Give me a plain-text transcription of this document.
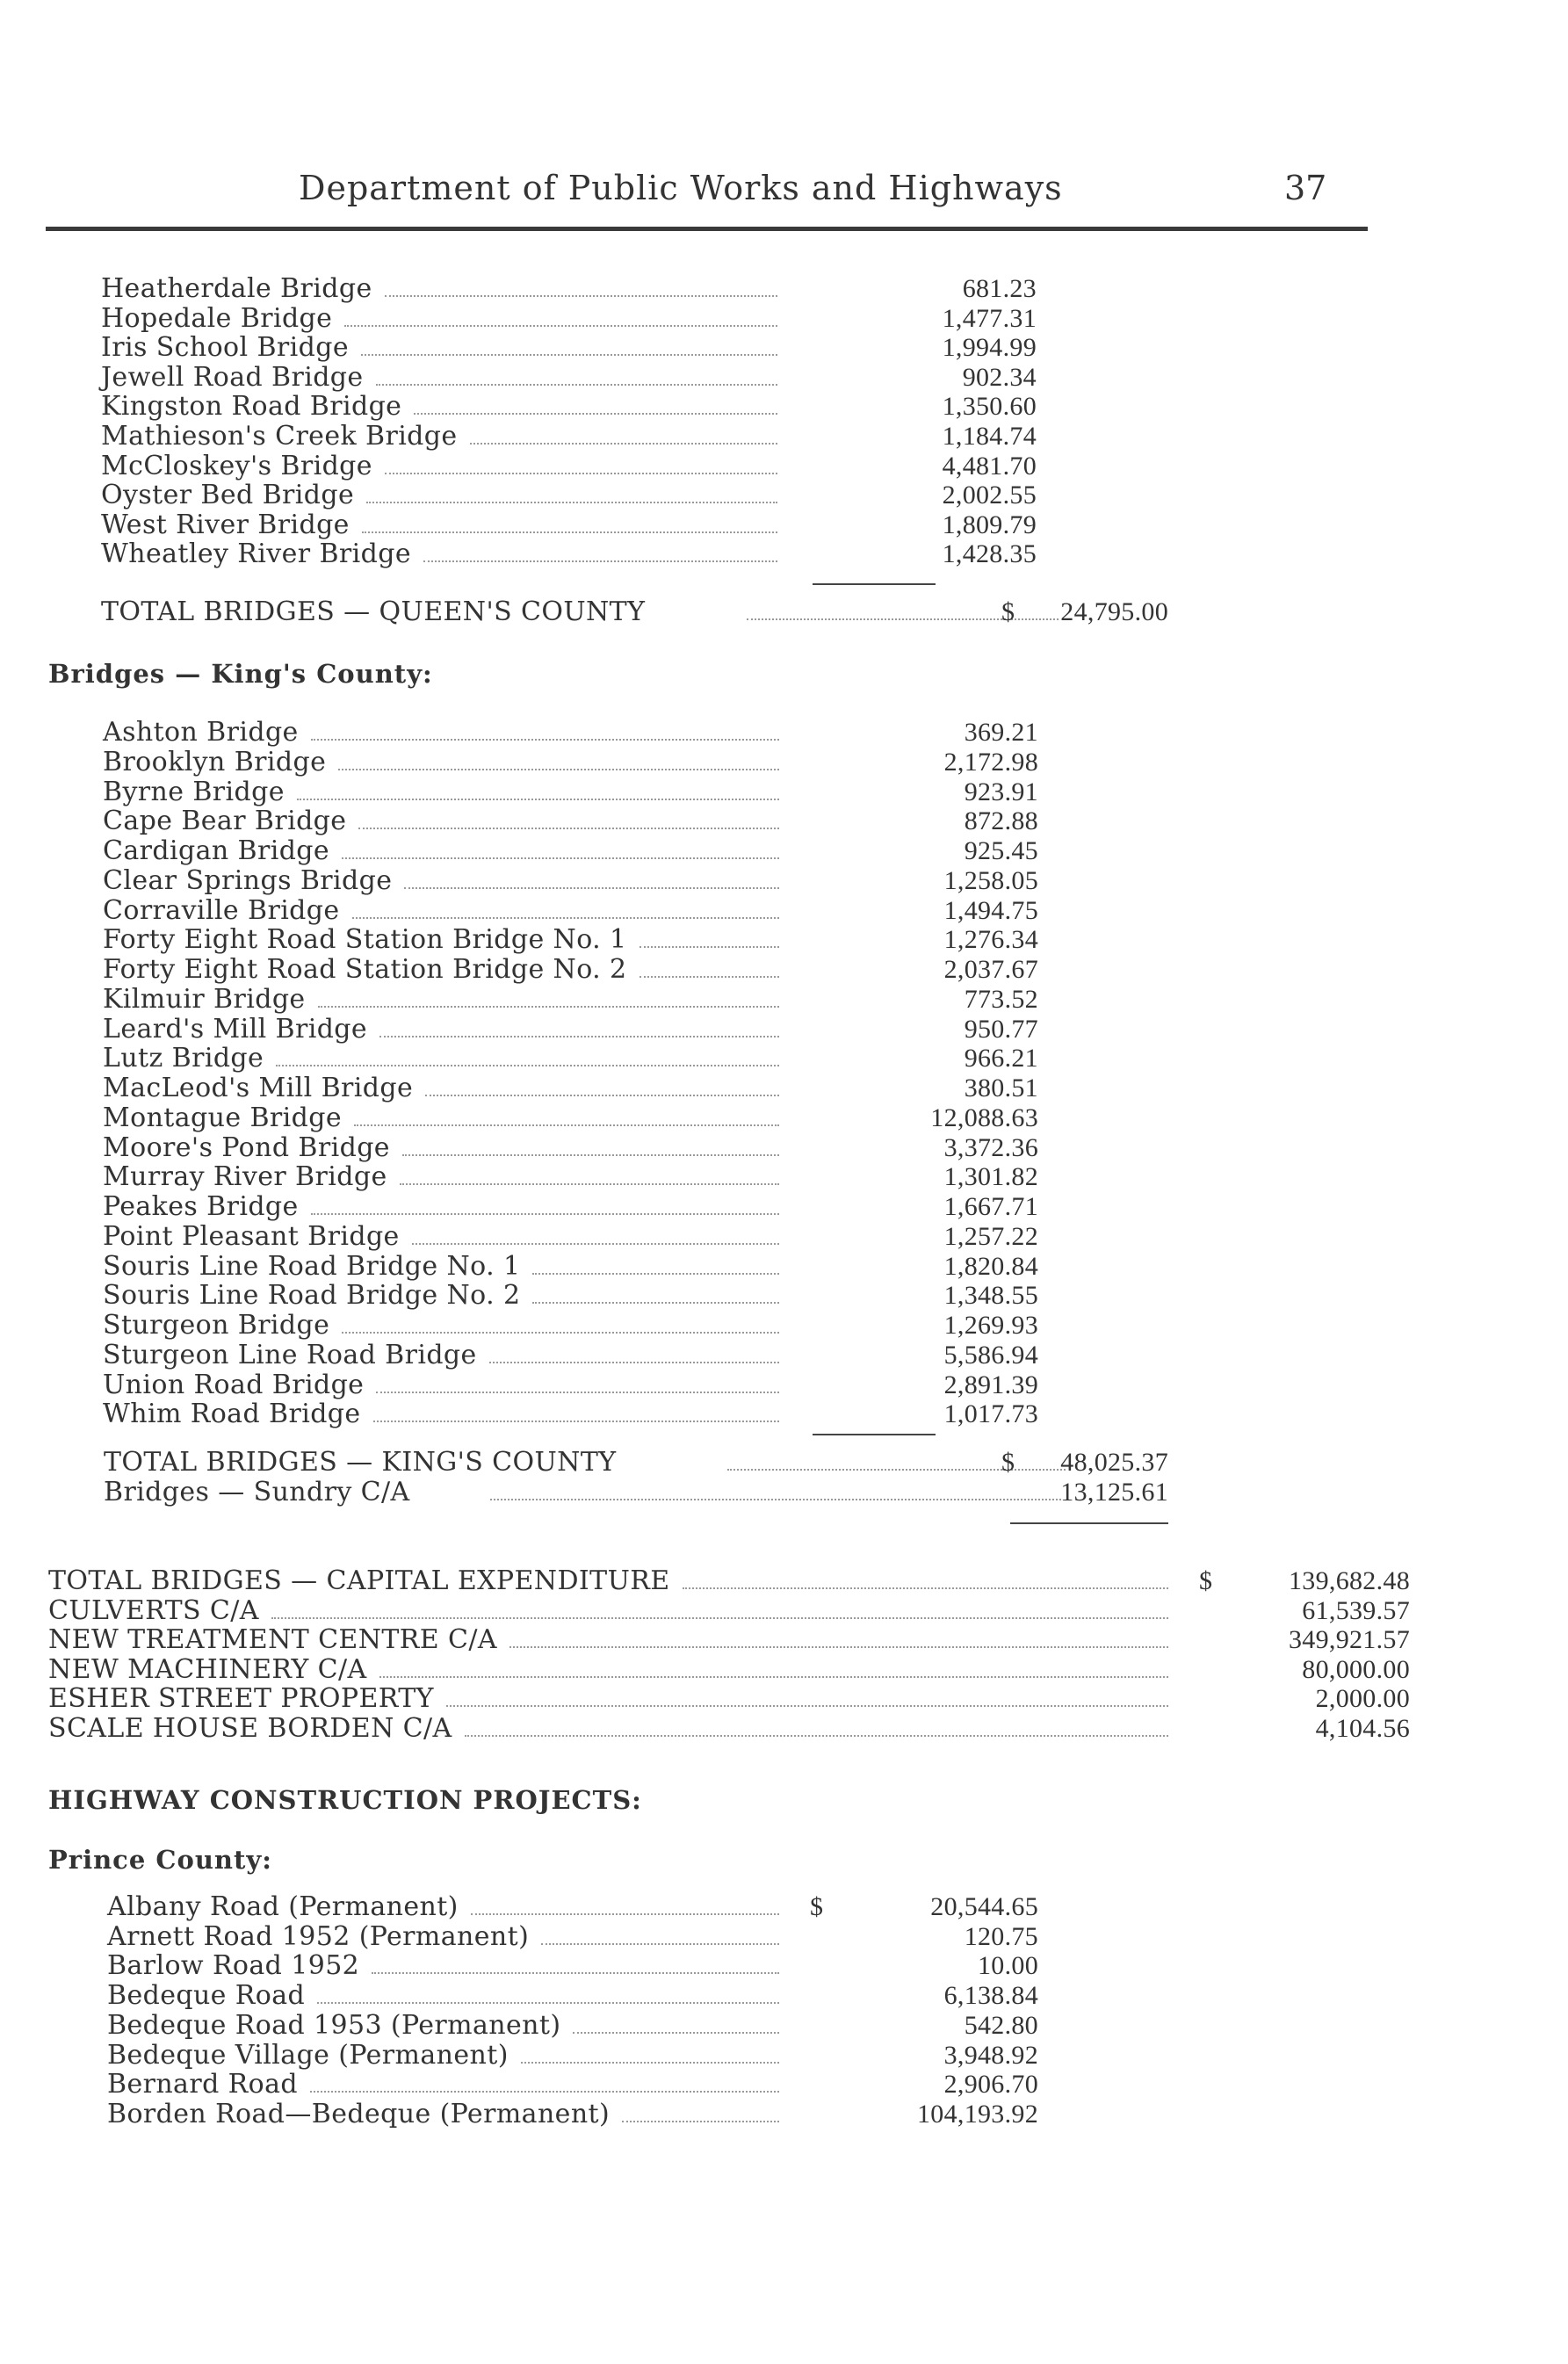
Department of Public Works and Highways	37
Heatherdale Bridge	681.23
Hopedale Bridge	1,477.31
Iris School Bridge	1,994.99
Jewell Road Bridge	902.34
Kingston Road Bridge	1,350.60
Mathieson's Creek Bridge	1,184.74
McCloskey's Bridge	4,481.70
Oyster Bed Bridge	2,002.55
West River Bridge	1,809.79
Wheatley River Bridge	1,428.35
TOTAL BRIDGES — QUEEN'S COUNTY	$	24,795.00
Bridges — King's County:
Ashton Bridge	369.21
Brooklyn Bridge	2,172.98
Byrne Bridge	923.91
Cape Bear Bridge	872.88
Cardigan Bridge	925.45
Clear Springs Bridge	1,258.05
Corraville Bridge	1,494.75
Forty Eight Road Station Bridge No. 1	1,276.34
Forty Eight Road Station Bridge No. 2	2,037.67
Kilmuir Bridge	773.52
Leard's Mill Bridge	950.77
Lutz Bridge	966.21
MacLeod's Mill Bridge	380.51
Montague Bridge	12,088.63
Moore's Pond Bridge	3,372.36
Murray River Bridge	1,301.82
Peakes Bridge	1,667.71
Point Pleasant Bridge	1,257.22
Souris Line Road Bridge No. 1	1,820.84
Souris Line Road Bridge No. 2	1,348.55
Sturgeon Bridge	1,269.93
Sturgeon Line Road Bridge	5,586.94
Union Road Bridge	2,891.39
Whim Road Bridge	1,017.73
TOTAL BRIDGES — KING'S COUNTY	$	48,025.37
Bridges — Sundry C/A	13,125.61
TOTAL BRIDGES — CAPITAL EXPENDITURE	$	139,682.48
CULVERTS C/A	61,539.57
NEW TREATMENT CENTRE C/A	349,921.57
NEW MACHINERY C/A	80,000.00
ESHER STREET PROPERTY	2,000.00
SCALE HOUSE BORDEN C/A	4,104.56
HIGHWAY CONSTRUCTION PROJECTS:
Prince County:
Albany Road (Permanent)	$	20,544.65
Arnett Road 1952 (Permanent)	120.75
Barlow Road 1952	10.00
Bedeque Road	6,138.84
Bedeque Road 1953 (Permanent)	542.80
Bedeque Village (Permanent)	3,948.92
Bernard Road	2,906.70
Borden Road—Bedeque (Permanent)	104,193.92
